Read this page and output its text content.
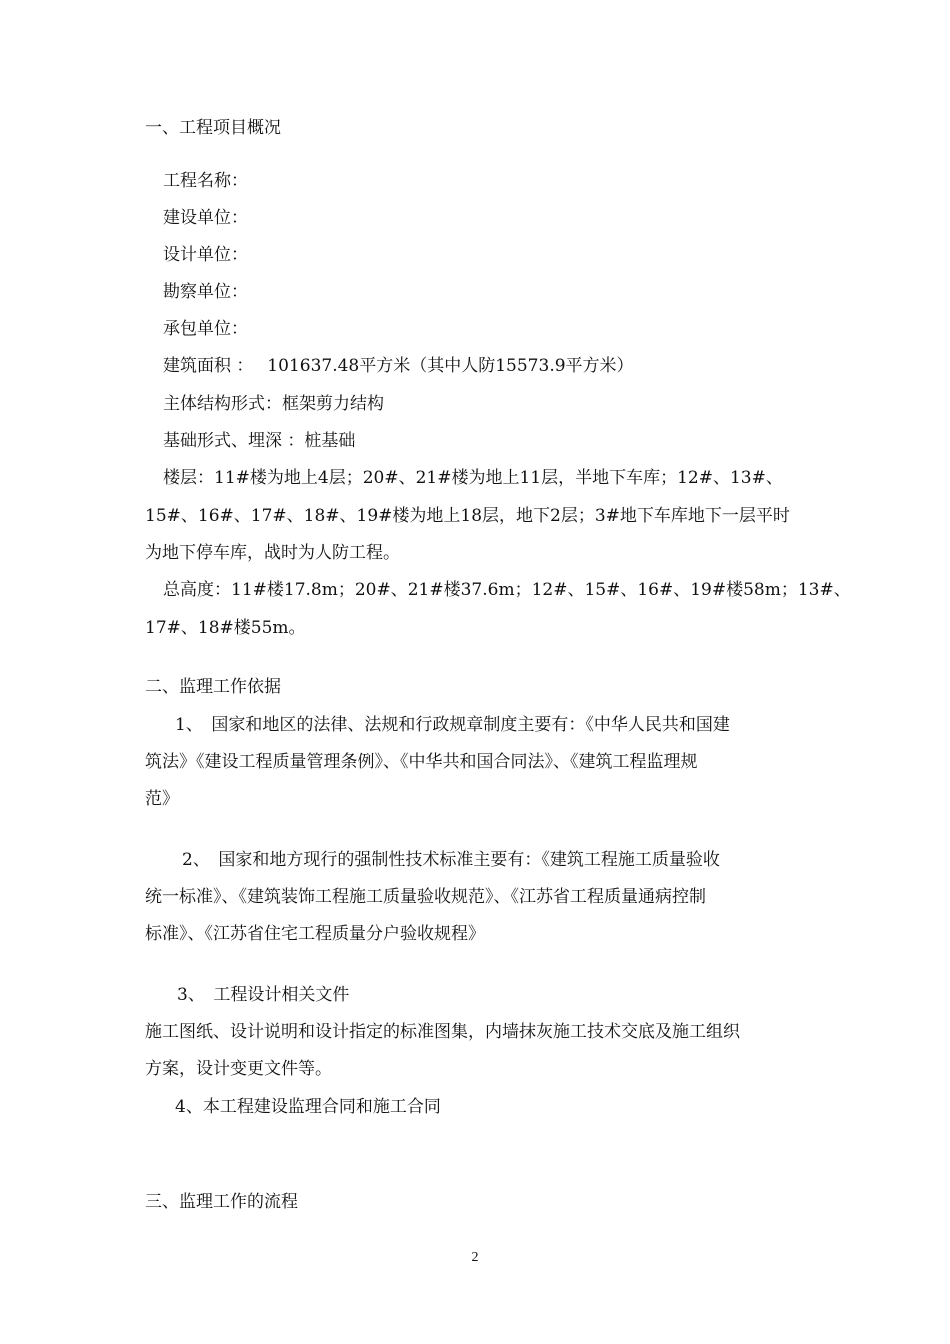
一、工程项目概况

工程名称：

建设单位：

设计单位：

勘察单位：

承包单位：

建筑面积 ：　 101637.48平方米（其中人防15573.9平方米）

主体结构形式：框架剪力结构

基础形式、埋深 ：桩基础

楼层：11#楼为地上4层；20#、21#楼为地上11层，半地下车库；12#、13#、

15#、16#、17#、18#、19#楼为地上18层，地下2层；3#地下车库地下一层平时

为地下停车库，战时为人防工程。

总高度：11#楼17.8m；20#、21#楼37.6m；12#、15#、16#、19#楼58m；13#、

17#、18#楼55m。

二、监理工作依据

1、　国家和地区的法律、法规和行政规章制度主要有：《中华人民共和国建

筑法》《建设工程质量管理条例》、《中华共和国合同法》、《建筑工程监理规

范》

2、　国家和地方现行的强制性技术标准主要有：《建筑工程施工质量验收

统一标准》、《建筑装饰工程施工质量验收规范》、《江苏省工程质量通病控制

标准》、《江苏省住宅工程质量分户验收规程》

3、　工程设计相关文件

施工图纸、设计说明和设计指定的标准图集，内墙抹灰施工技术交底及施工组织

方案，设计变更文件等。

4、本工程建设监理合同和施工合同

三、监理工作的流程

2
